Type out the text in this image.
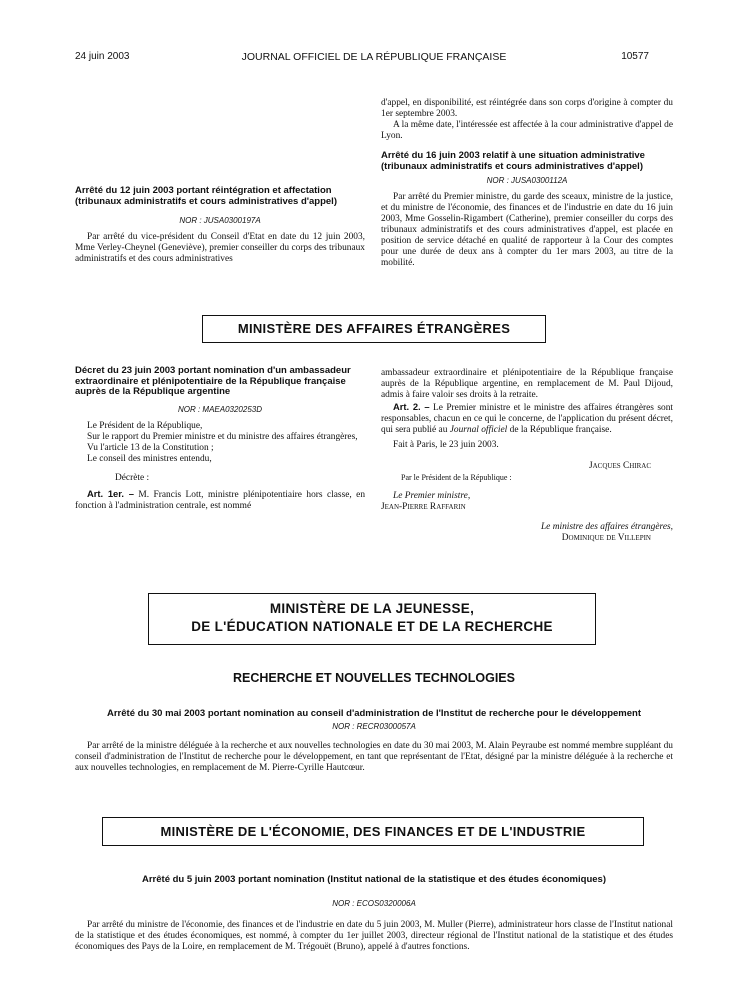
24 juin 2003	JOURNAL OFFICIEL DE LA RÉPUBLIQUE FRANÇAISE	10577

d'appel, en disponibilité, est réintégrée dans son corps d'origine à compter du 1er septembre 2003.

A la même date, l'intéressée est affectée à la cour administrative d'appel de Lyon.

Arrêté du 16 juin 2003 relatif à une situation administrative (tribunaux administratifs et cours administratives d'appel)
NOR : JUSA0300112A

Par arrêté du Premier ministre, du garde des sceaux, ministre de la justice, et du ministre de l'économie, des finances et de l'industrie en date du 16 juin 2003, Mme Gosselin-Rigambert (Catherine), premier conseiller du corps des tribunaux administratifs et des cours administratives d'appel, est placée en position de service détaché en qualité de rapporteur à la Cour des comptes pour une durée de deux ans à compter du 1er mars 2003, au titre de la mobilité.

Arrêté du 12 juin 2003 portant réintégration et affectation (tribunaux administratifs et cours administratives d'appel)
NOR : JUSA0300197A

Par arrêté du vice-président du Conseil d'Etat en date du 12 juin 2003, Mme Verley-Cheynel (Geneviève), premier conseiller du corps des tribunaux administratifs et des cours administratives

MINISTÈRE DES AFFAIRES ÉTRANGÈRES
Décret du 23 juin 2003 portant nomination d'un ambassadeur extraordinaire et plénipotentiaire de la République française auprès de la République argentine
NOR : MAEA0320253D

Le Président de la République,

Sur le rapport du Premier ministre et du ministre des affaires étrangères,

Vu l'article 13 de la Constitution ;

Le conseil des ministres entendu,

Décrète :

Art. 1er. – M. Francis Lott, ministre plénipotentiaire hors classe, en fonction à l'administration centrale, est nommé

ambassadeur extraordinaire et plénipotentiaire de la République française auprès de la République argentine, en remplacement de M. Paul Dijoud, admis à faire valoir ses droits à la retraite.

Art. 2. – Le Premier ministre et le ministre des affaires étrangères sont responsables, chacun en ce qui le concerne, de l'application du présent décret, qui sera publié au Journal officiel de la République française.

Fait à Paris, le 23 juin 2003.

Jacques Chirac

Par le Président de la République :

Le Premier ministre,

Jean-Pierre Raffarin

Le ministre des affaires étrangères,

Dominique de Villepin

MINISTÈRE DE LA JEUNESSE,
DE L'ÉDUCATION NATIONALE ET DE LA RECHERCHE
RECHERCHE ET NOUVELLES TECHNOLOGIES
Arrêté du 30 mai 2003 portant nomination au conseil d'administration de l'Institut de recherche pour le développement
NOR : RECR0300057A

Par arrêté de la ministre déléguée à la recherche et aux nouvelles technologies en date du 30 mai 2003, M. Alain Peyraube est nommé membre suppléant du conseil d'administration de l'Institut de recherche pour le développement, en tant que représentant de l'Etat, désigné par la ministre déléguée à la recherche et aux nouvelles technologies, en remplacement de M. Pierre-Cyrille Hautcœur.

MINISTÈRE DE L'ÉCONOMIE, DES FINANCES ET DE L'INDUSTRIE
Arrêté du 5 juin 2003 portant nomination (Institut national de la statistique et des études économiques)
NOR : ECOS0320006A

Par arrêté du ministre de l'économie, des finances et de l'industrie en date du 5 juin 2003, M. Muller (Pierre), administrateur hors classe de l'Institut national de la statistique et des études économiques, est nommé, à compter du 1er juillet 2003, directeur régional de l'Institut national de la statistique et des études économiques des Pays de la Loire, en remplacement de M. Trégouët (Bruno), appelé à d'autres fonctions.
